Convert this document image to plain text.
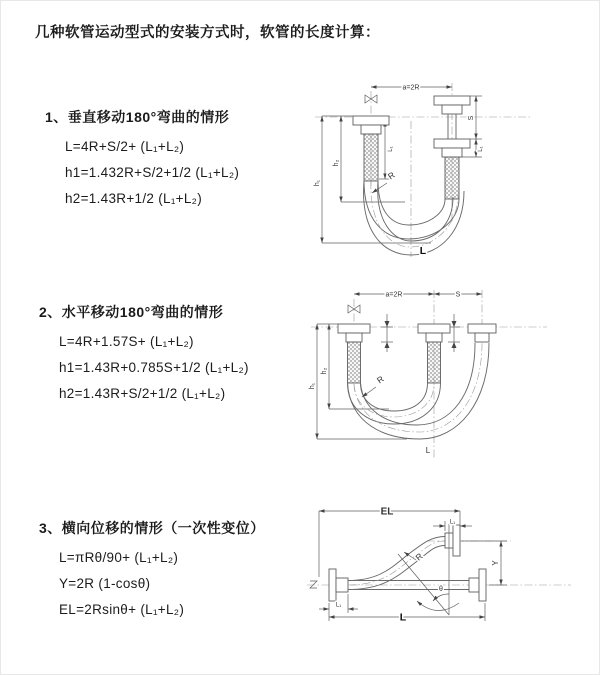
几种软管运动型式的安装方式时，软管的长度计算：
1、垂直移动180°弯曲的情形

L=4R+S/2+ (L₁+L₂)

h1=1.432R+S/2+1/2 (L₁+L₂)

h2=1.43R+1/2 (L₁+L₂)

2、水平移动180°弯曲的情形

L=4R+1.57S+ (L₁+L₂)

h1=1.43R+0.785S+1/2 (L₁+L₂)

h2=1.43R+S/2+1/2 (L₁+L₂)

3、横向位移的情形（一次性变位）

L=πRθ/90+ (L₁+L₂)

Y=2R (1-cosθ)

EL=2Rsinθ+ (L₁+L₂)

a=2R
h₁
h₂
L₁
S
L₁
R
L
a=2R	S
h₁
h₂
R
L
θ
EL
L₁
Y
L₁
L
R
